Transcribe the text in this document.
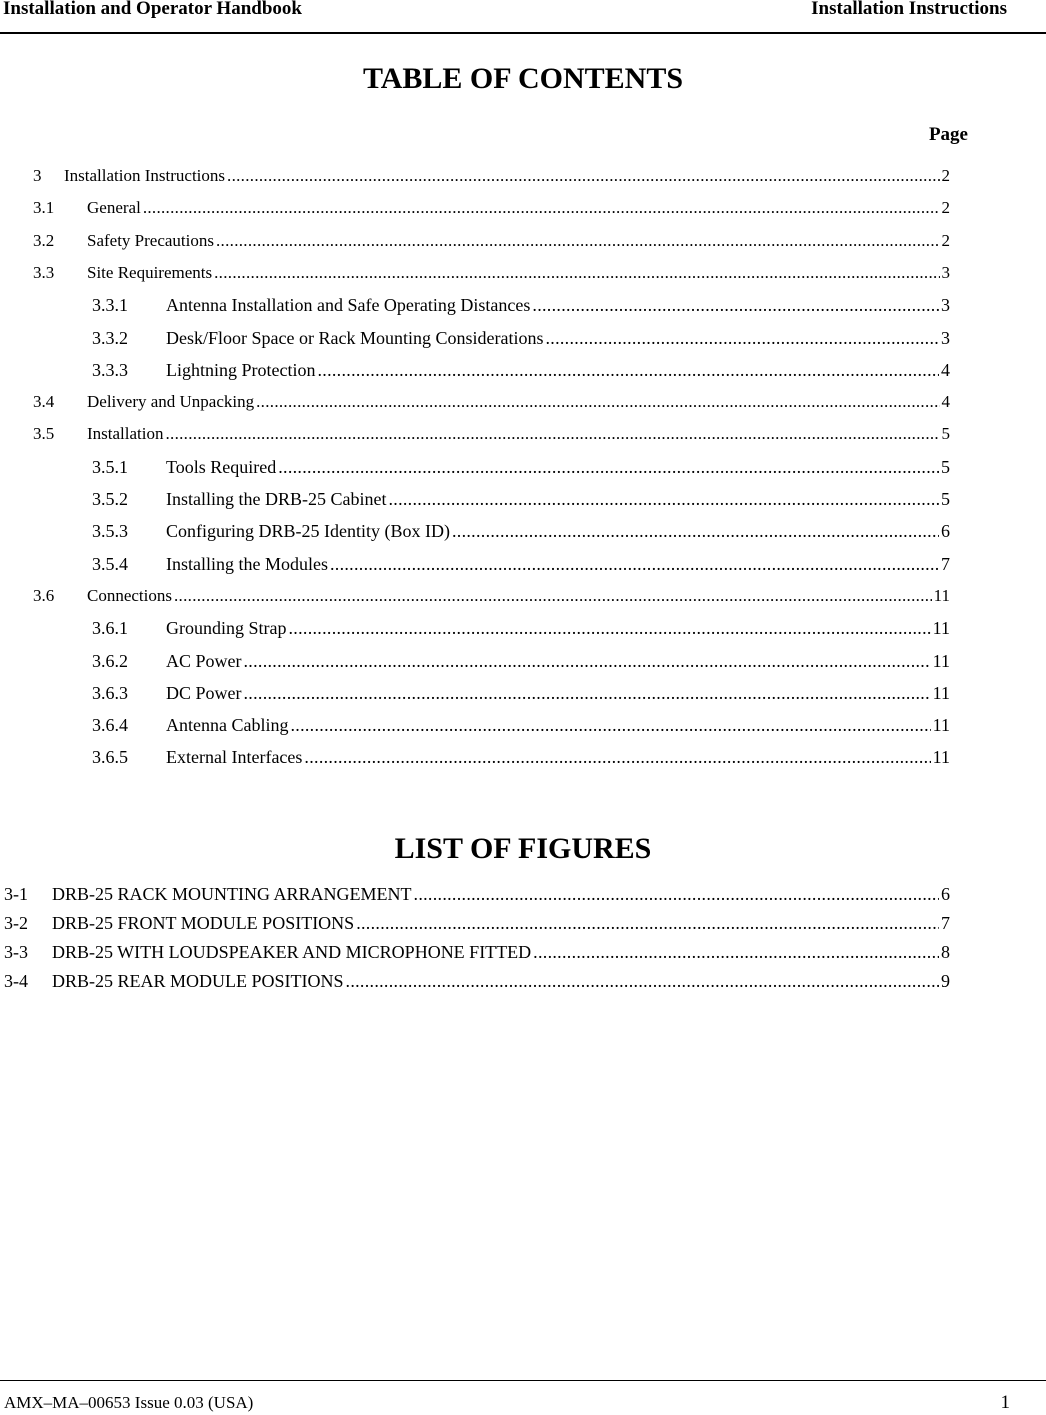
Installation and Operator Handbook	Installation Instructions
TABLE OF CONTENTS
Page
3	Installation Instructions .....	2
3.1	General .....	2
3.2	Safety Precautions .....	2
3.3	Site Requirements .....	3
3.3.1	Antenna Installation and Safe Operating Distances .....	3
3.3.2	Desk/Floor Space or Rack Mounting Considerations .....	3
3.3.3	Lightning Protection .....	4
3.4	Delivery and Unpacking .....	4
3.5	Installation .....	5
3.5.1	Tools Required .....	5
3.5.2	Installing the DRB-25 Cabinet .....	5
3.5.3	Configuring DRB-25 Identity (Box ID) .....	6
3.5.4	Installing the Modules .....	7
3.6	Connections .....	11
3.6.1	Grounding Strap .....	11
3.6.2	AC Power .....	11
3.6.3	DC Power .....	11
3.6.4	Antenna Cabling .....	11
3.6.5	External Interfaces .....	11
LIST OF FIGURES
3-1	DRB-25 RACK MOUNTING ARRANGEMENT .....	6
3-2	DRB-25 FRONT MODULE POSITIONS .....	7
3-3	DRB-25 WITH LOUDSPEAKER AND MICROPHONE FITTED .....	8
3-4	DRB-25 REAR MODULE POSITIONS .....	9
AMX–MA–00653 Issue 0.03 (USA)	1
